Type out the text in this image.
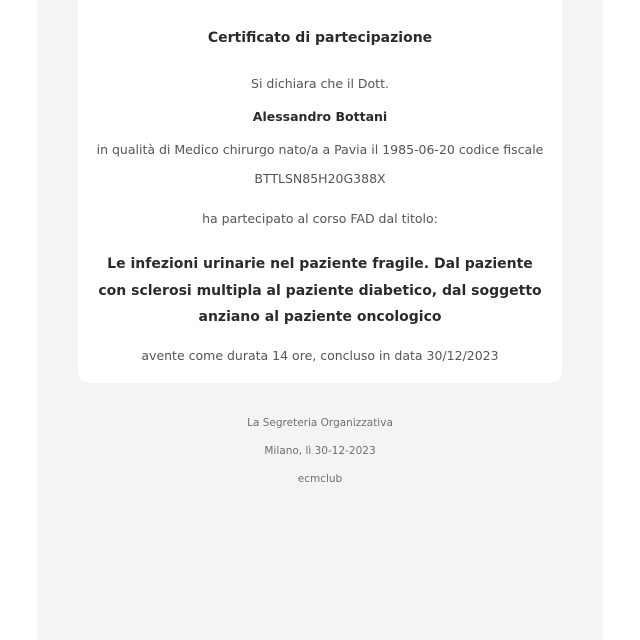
Certificato di partecipazione
Si dichiara che il Dott.
Alessandro Bottani
in qualità di Medico chirurgo nato/a a Pavia il 1985-06-20 codice fiscale
BTTLSN85H20G388X
ha partecipato al corso FAD dal titolo:
Le infezioni urinarie nel paziente fragile. Dal paziente con sclerosi multipla al paziente diabetico, dal soggetto anziano al paziente oncologico
avente come durata 14 ore, concluso in data 30/12/2023
La Segreteria Organizzativa
Milano, lì 30-12-2023
ecmclub
